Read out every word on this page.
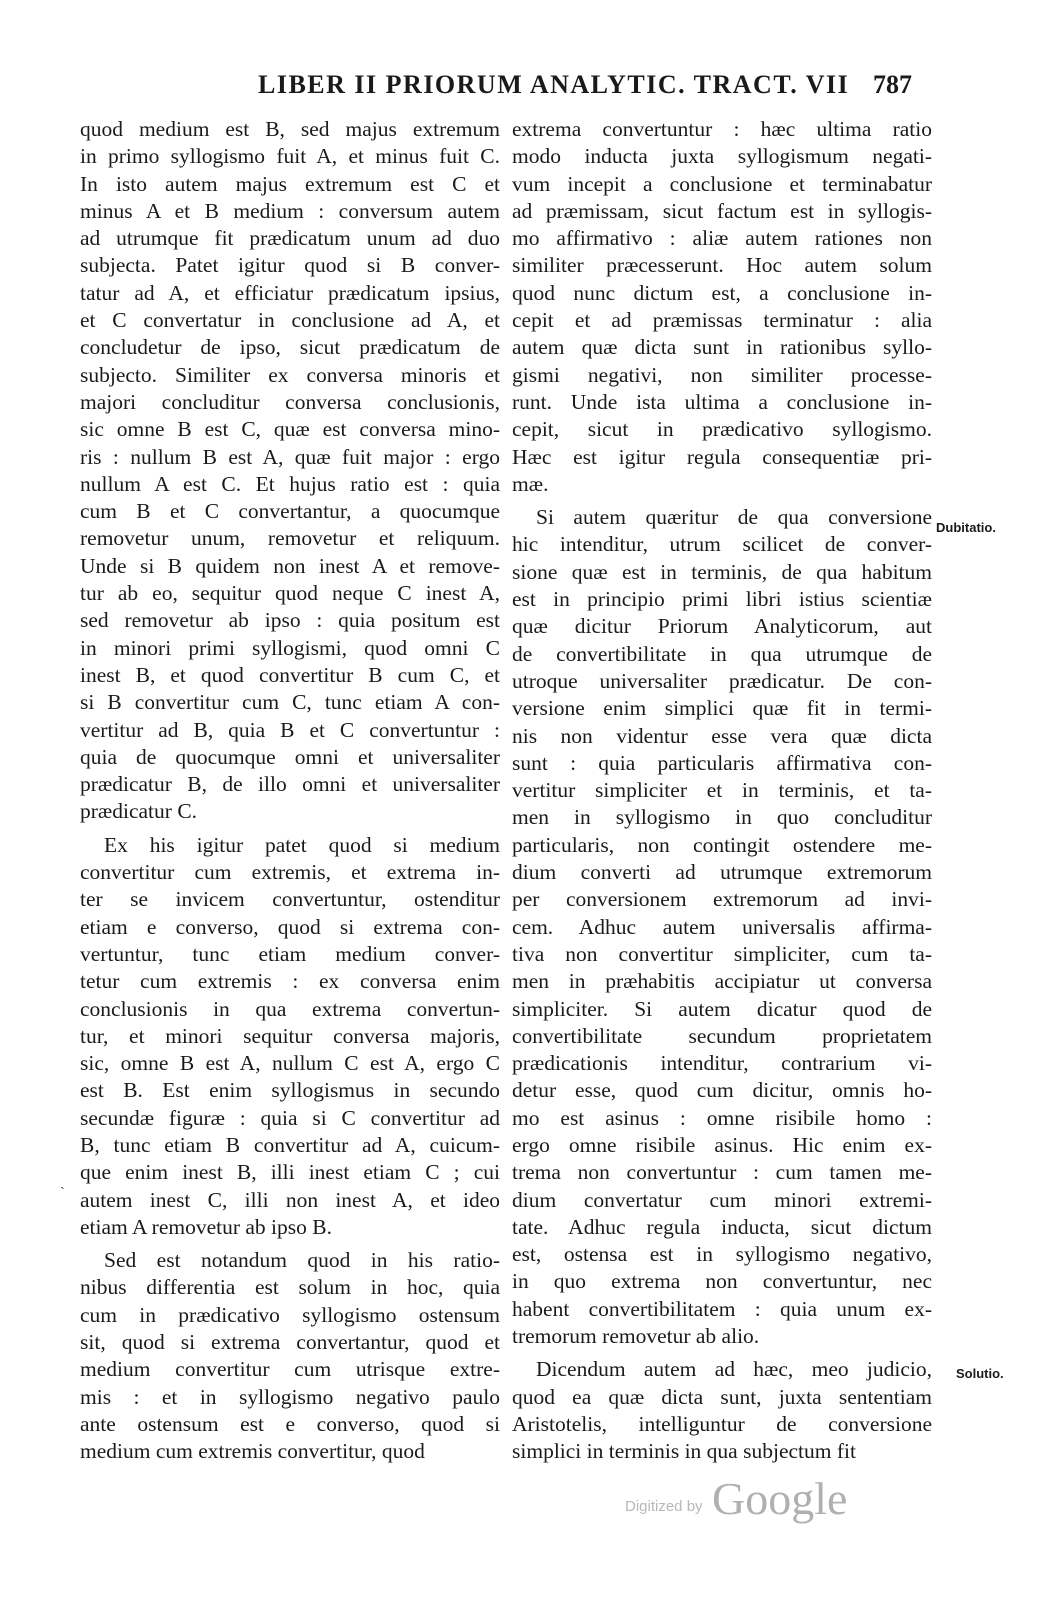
LIBER II PRIORUM ANALYTIC. TRACT. VII 787
quod medium est B, sed majus extremum
in primo syllogismo fuit A, et minus fuit C.
In isto autem majus extremum est C et
minus A et B medium : conversum autem
ad utrumque fit prædicatum unum ad duo
subjecta. Patet igitur quod si B conver-
tatur ad A, et efficiatur prædicatum ipsius,
et C convertatur in conclusione ad A, et
concludetur de ipso, sicut prædicatum de
subjecto. Similiter ex conversa minoris et
majori concluditur conversa conclusionis,
sic omne B est C, quæ est conversa mino-
ris : nullum B est A, quæ fuit major : ergo
nullum A est C. Et hujus ratio est : quia
cum B et C convertantur, a quocumque
removetur unum, removetur et reliquum.
Unde si B quidem non inest A et remove-
tur ab eo, sequitur quod neque C inest A,
sed removetur ab ipso : quia positum est
in minori primi syllogismi, quod omni C
inest B, et quod convertitur B cum C, et
si B convertitur cum C, tunc etiam A con-
vertitur ad B, quia B et C convertuntur :
quia de quocumque omni et universaliter
prædicatur B, de illo omni et universaliter
prædicatur C.
Ex his igitur patet quod si medium
convertitur cum extremis, et extrema in-
ter se invicem convertuntur, ostenditur
etiam e converso, quod si extrema con-
vertuntur, tunc etiam medium conver-
tetur cum extremis : ex conversa enim
conclusionis in qua extrema convertun-
tur, et minori sequitur conversa majoris,
sic, omne B est A, nullum C est A, ergo C
est B. Est enim syllogismus in secundo
secundæ figuræ : quia si C convertitur ad
B, tunc etiam B convertitur ad A, cuicum-
que enim inest B, illi inest etiam C ; cui
autem inest C, illi non inest A, et ideo
etiam A removetur ab ipso B.
Sed est notandum quod in his ratio-
nibus differentia est solum in hoc, quia
cum in prædicativo syllogismo ostensum
sit, quod si extrema convertantur, quod et
medium convertitur cum utrisque extre-
mis : et in syllogismo negativo paulo
ante ostensum est e converso, quod si
medium cum extremis convertitur, quod
extrema convertuntur : hæc ultima ratio
modo inducta juxta syllogismum negati-
vum incepit a conclusione et terminabatur
ad præmissam, sicut factum est in syllogis-
mo affirmativo : aliæ autem rationes non
similiter præcesserunt. Hoc autem solum
quod nunc dictum est, a conclusione in-
cepit et ad præmissas terminatur : alia
autem quæ dicta sunt in rationibus syllo-
gismi negativi, non similiter processe-
runt. Unde ista ultima a conclusione in-
cepit, sicut in prædicativo syllogismo.
Hæc est igitur regula consequentiæ pri-
mæ.
Si autem quæritur de qua conversione
hic intenditur, utrum scilicet de conver-
sione quæ est in terminis, de qua habitum
est in principio primi libri istius scientiæ
quæ dicitur Priorum Analyticorum, aut
de convertibilitate in qua utrumque de
utroque universaliter prædicatur. De con-
versione enim simplici quæ fit in termi-
nis non videntur esse vera quæ dicta
sunt : quia particularis affirmativa con-
vertitur simpliciter et in terminis, et ta-
men in syllogismo in quo concluditur
particularis, non contingit ostendere me-
dium converti ad utrumque extremorum
per conversionem extremorum ad invi-
cem. Adhuc autem universalis affirma-
tiva non convertitur simpliciter, cum ta-
men in præhabitis accipiatur ut conversa
simpliciter. Si autem dicatur quod de
convertibilitate secundum proprietatem
prædicationis intenditur, contrarium vi-
detur esse, quod cum dicitur, omnis ho-
mo est asinus : omne risibile homo :
ergo omne risibile asinus. Hic enim ex-
trema non convertuntur : cum tamen me-
dium convertatur cum minori extremi-
tate. Adhuc regula inducta, sicut dictum
est, ostensa est in syllogismo negativo,
in quo extrema non convertuntur, nec
habent convertibilitatem : quia unum ex-
tremorum removetur ab alio.
Dicendum autem ad hæc, meo judicio,
quod ea quæ dicta sunt, juxta sententiam
Aristotelis, intelliguntur de conversione
simplici in terminis in qua subjectum fit
Dubitatio.
Solutio.
ˎ
Digitized by Google
